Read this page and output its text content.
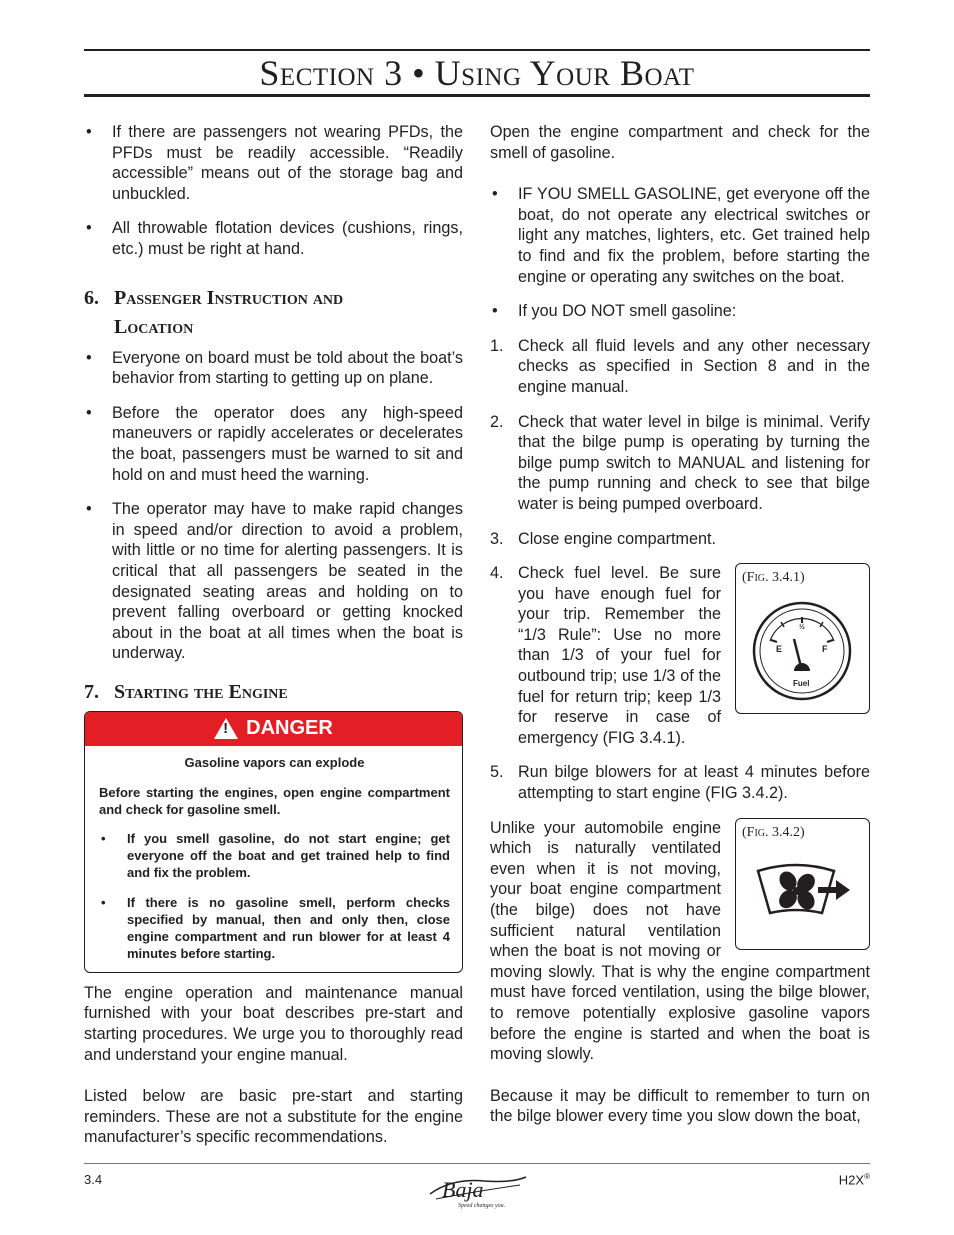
Section 3 • Using Your Boat

• If there are passengers not wearing PFDs, the PFDs must be readily accessible. “Readily accessible” means out of the storage bag and unbuckled.

• All throwable flotation devices (cushions, rings, etc.) must be right at hand.

6. Passenger Instruction and
Location

• Everyone on board must be told about the boat’s behavior from starting to getting up on plane.

• Before the operator does any high-speed maneuvers or rapidly accelerates or decelerates the boat, passengers must be warned to sit and hold on and must heed the warning.

• The operator may have to make rapid changes in speed and/or direction to avoid a problem, with little or no time for alerting passengers. It is critical that all passengers be seated in the designated seating areas and holding on to prevent falling overboard or getting knocked about in the boat at all times when the boat is underway.

7. Starting the Engine
! DANGER

Gasoline vapors can explode

Before starting the engines, open engine compartment and check for gasoline smell.

• If you smell gasoline, do not start engine; get everyone off the boat and get trained help to find and fix the problem.

• If there is no gasoline smell, perform checks specified by manual, then and only then, close engine compartment and run blower for at least 4 minutes before starting.

The engine operation and maintenance manual furnished with your boat describes pre-start and starting procedures. We urge you to thoroughly read and understand your engine manual.

Listed below are basic pre-start and starting reminders. These are not a substitute for the engine manufacturer’s specific recommendations.

Open the engine compartment and check for the smell of gasoline.

• IF YOU SMELL GASOLINE, get everyone off the boat, do not operate any electrical switches or light any matches, lighters, etc. Get trained help to find and fix the problem, before starting the engine or operating any switches on the boat.

• If you DO NOT smell gasoline:

1. Check all fluid levels and any other necessary checks as specified in Section 8 and in the engine manual.

2. Check that water level in bilge is minimal. Verify that the bilge pump is operating by turning the bilge pump switch to MANUAL and listening for the pump running and check to see that bilge water is being pumped overboard.

3. Close engine compartment.

(Fig. 3.4.1)
E	F
½
Fuel

4. Check fuel level. Be sure you have enough fuel for your trip. Remember the “1/3 Rule”: Use no more than 1/3 of your fuel for outbound trip; use 1/3 of the fuel for return trip; keep 1/3 for reserve in case of emergency (FIG 3.4.1).

5. Run bilge blowers for at least 4 minutes before attempting to start engine (FIG 3.4.2).

(Fig. 3.4.2)

Unlike your automobile engine which is naturally ventilated even when it is not moving, your boat engine compartment (the bilge) does not have sufficient natural ventilation when the boat is not moving or moving slowly. That is why the engine compartment must have forced ventilation, using the bilge blower, to remove potentially explosive gasoline vapors before the engine is started and when the boat is moving slowly.

Because it may be difficult to remember to turn on the bilge blower every time you slow down the boat,

3.4	Baja
Speed changes you.
H2X®
